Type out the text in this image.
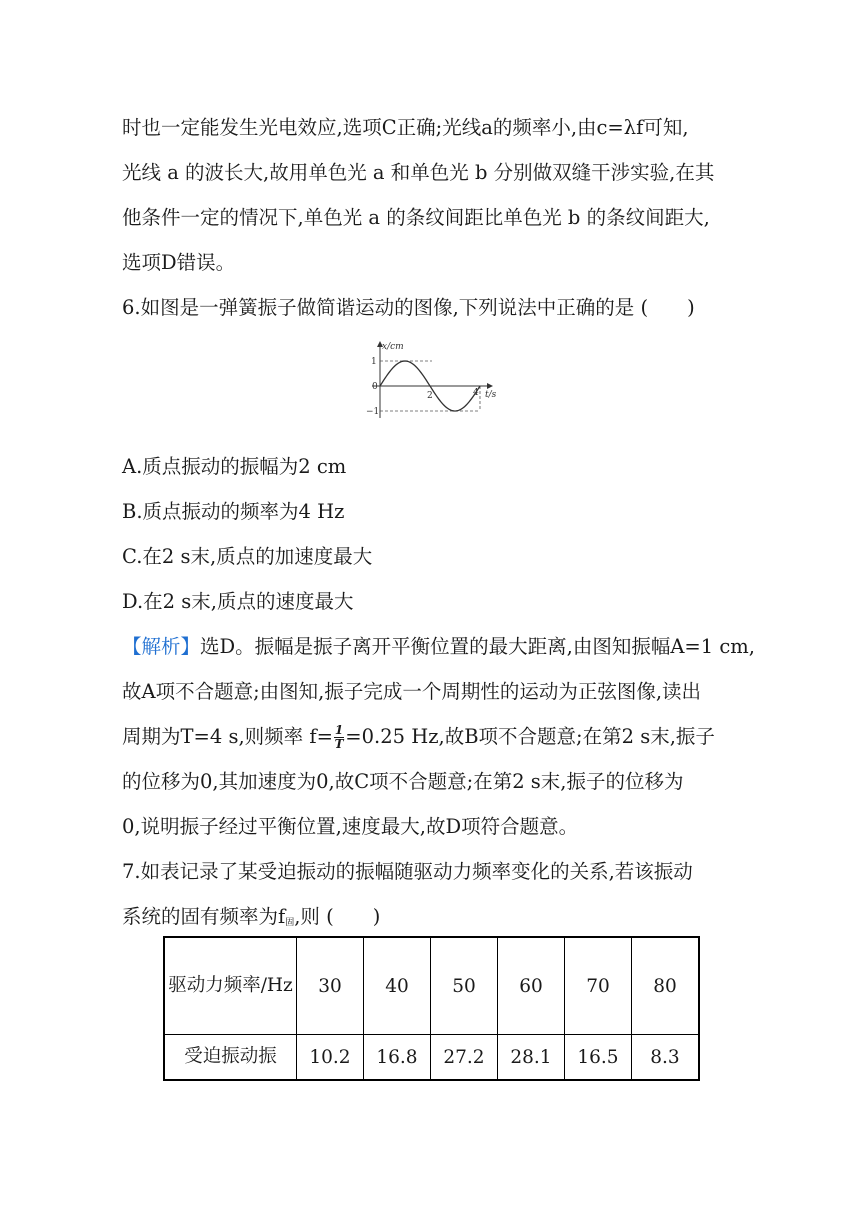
时也一定能发生光电效应,选项C正确;光线a的频率小,由c=λf可知,
光线 a 的波长大,故用单色光 a 和单色光 b 分别做双缝干涉实验,在其
他条件一定的情况下,单色光 a 的条纹间距比单色光 b 的条纹间距大,
选项D错误。
6.如图是一弹簧振子做简谐运动的图像,下列说法中正确的是 (　　)
x/cm
1
0
−1
2	4 t/s
A.质点振动的振幅为2 cm
B.质点振动的频率为4 Hz
C.在2 s末,质点的加速度最大
D.在2 s末,质点的速度最大
【解析】选D。振幅是振子离开平衡位置的最大距离,由图知振幅A=1 cm,
故A项不合题意;由图知,振子完成一个周期性的运动为正弦图像,读出
周期为T=4 s,则频率 $f= \frac{1}{T} =0.25$ Hz,故B项不合题意;在第2 s末,振子
的位移为0,其加速度为0,故C项不合题意;在第2 s末,振子的位移为
0,说明振子经过平衡位置,速度最大,故D项符合题意。
7.如表记录了某受迫振动的振幅随驱动力频率变化的关系,若该振动
系统的固有频率为$f_固$,则 (　　)
驱动力频率/Hz	30	40	50	60	70	80
受迫振动振	10.2	16.8	27.2	28.1	16.5	8.3
